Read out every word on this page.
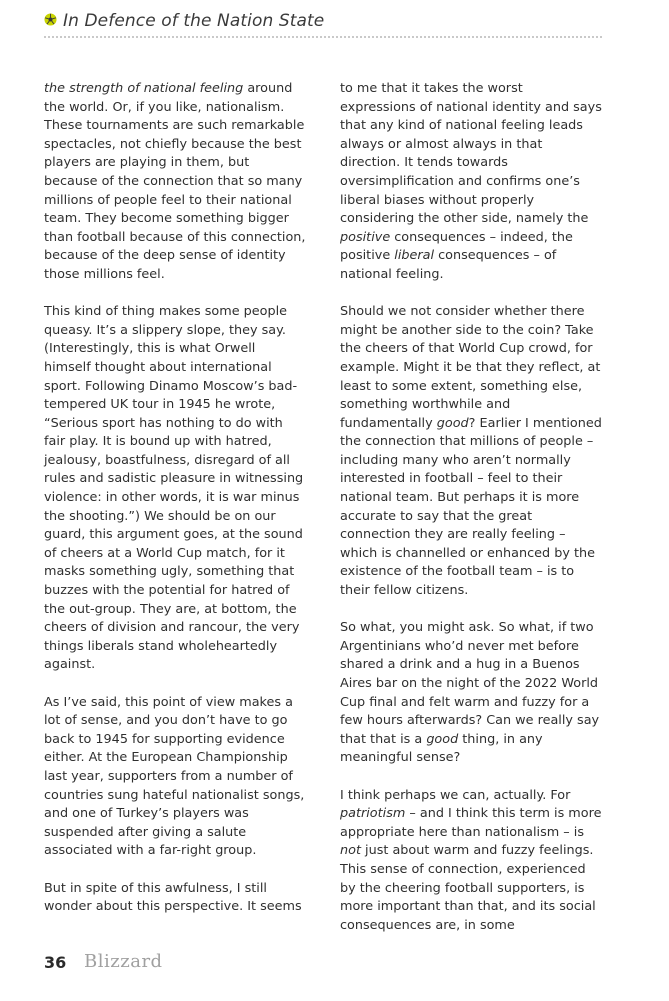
In Defence of the Nation State

the strength of national feeling around the world. Or, if you like, nationalism. These tournaments are such remarkable spectacles, not chiefly because the best players are playing in them, but because of the connection that so many millions of people feel to their national team. They become something bigger than football because of this connection, because of the deep sense of identity those millions feel.

This kind of thing makes some people queasy. It’s a slippery slope, they say. (Interestingly, this is what Orwell himself thought about international sport. Following Dinamo Moscow’s bad-tempered UK tour in 1945 he wrote, “Serious sport has nothing to do with fair play. It is bound up with hatred, jealousy, boastfulness, disregard of all rules and sadistic pleasure in witnessing violence: in other words, it is war minus the shooting.”) We should be on our guard, this argument goes, at the sound of cheers at a World Cup match, for it masks something ugly, something that buzzes with the potential for hatred of the out-group. They are, at bottom, the cheers of division and rancour, the very things liberals stand wholeheartedly against.

As I’ve said, this point of view makes a lot of sense, and you don’t have to go back to 1945 for supporting evidence either. At the European Championship last year, supporters from a number of countries sung hateful nationalist songs, and one of Turkey’s players was suspended after giving a salute associated with a far-right group.

But in spite of this awfulness, I still wonder about this perspective. It seems

to me that it takes the worst expressions of national identity and says that any kind of national feeling leads always or almost always in that direction. It tends towards oversimplification and confirms one’s liberal biases without properly considering the other side, namely the positive consequences – indeed, the positive liberal consequences – of national feeling.

Should we not consider whether there might be another side to the coin? Take the cheers of that World Cup crowd, for example. Might it be that they reflect, at least to some extent, something else, something worthwhile and fundamentally good? Earlier I mentioned the connection that millions of people – including many who aren’t normally interested in football – feel to their national team. But perhaps it is more accurate to say that the great connection they are really feeling – which is channelled or enhanced by the existence of the football team – is to their fellow citizens.

So what, you might ask. So what, if two Argentinians who’d never met before shared a drink and a hug in a Buenos Aires bar on the night of the 2022 World Cup final and felt warm and fuzzy for a few hours afterwards? Can we really say that that is a good thing, in any meaningful sense?

I think perhaps we can, actually. For patriotism – and I think this term is more appropriate here than nationalism – is not just about warm and fuzzy feelings. This sense of connection, experienced by the cheering football supporters, is more important than that, and its social consequences are, in some

36 Blizzard
